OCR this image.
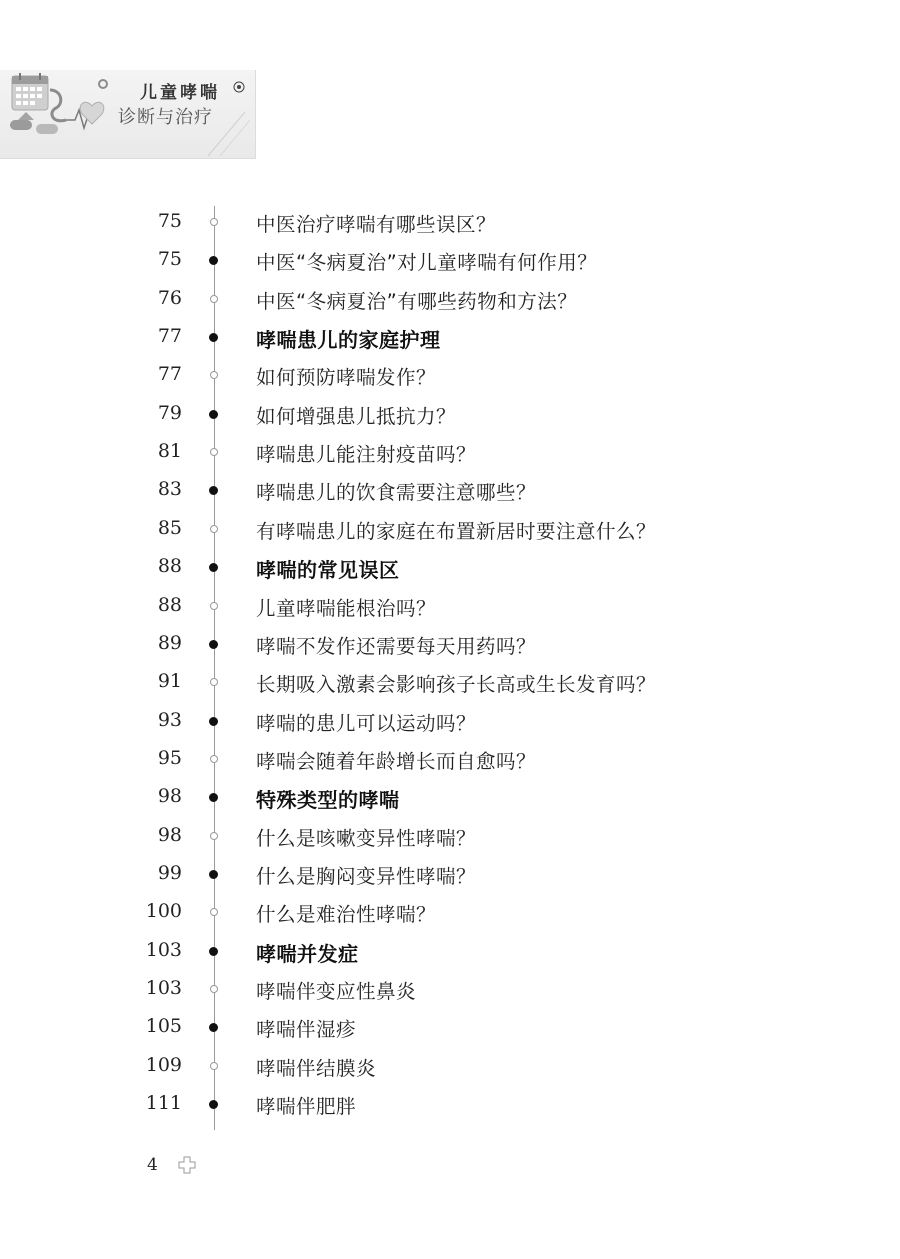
儿童哮喘
诊断与治疗
75	中医治疗哮喘有哪些误区？
75	中医“冬病夏治”对儿童哮喘有何作用？
76	中医“冬病夏治”有哪些药物和方法？
77	哮喘患儿的家庭护理
77	如何预防哮喘发作？
79	如何增强患儿抵抗力？
81	哮喘患儿能注射疫苗吗？
83	哮喘患儿的饮食需要注意哪些？
85	有哮喘患儿的家庭在布置新居时要注意什么？
88	哮喘的常见误区
88	儿童哮喘能根治吗？
89	哮喘不发作还需要每天用药吗？
91	长期吸入激素会影响孩子长高或生长发育吗？
93	哮喘的患儿可以运动吗？
95	哮喘会随着年龄增长而自愈吗？
98	特殊类型的哮喘
98	什么是咳嗽变异性哮喘？
99	什么是胸闷变异性哮喘？
100	什么是难治性哮喘？
103	哮喘并发症
103	哮喘伴变应性鼻炎
105	哮喘伴湿疹
109	哮喘伴结膜炎
111	哮喘伴肥胖
4
